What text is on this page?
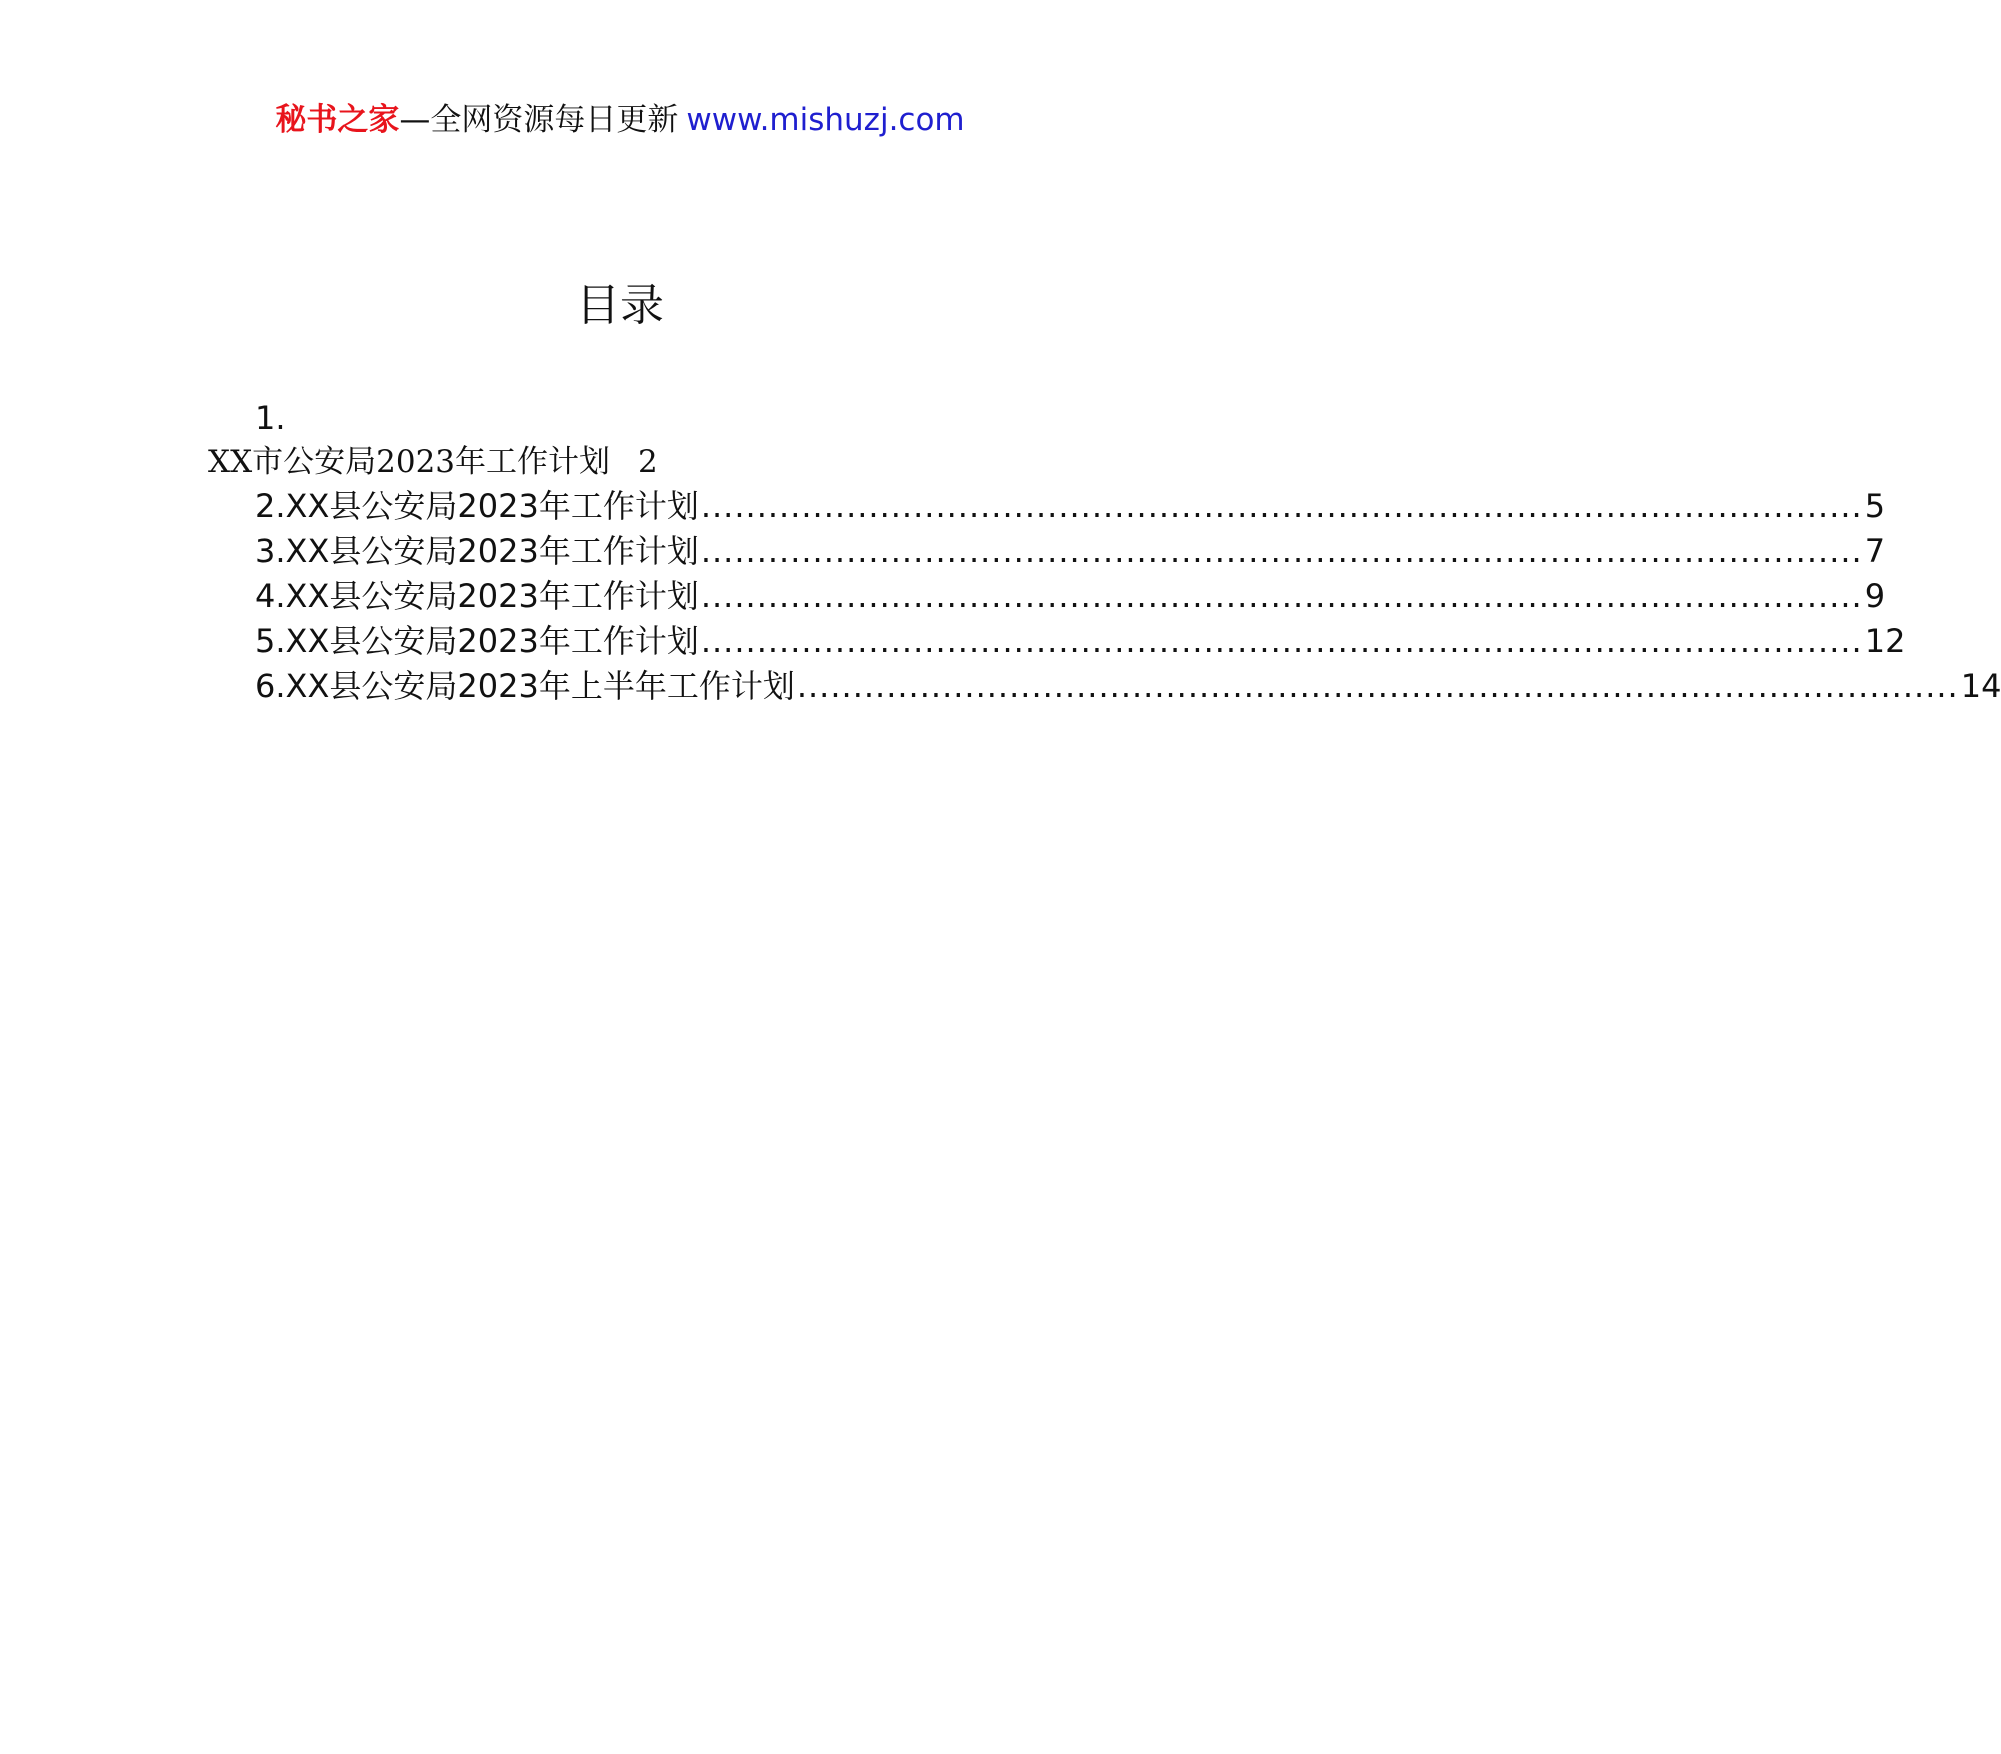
秘书之家—全网资源每日更新 www.mishuzj.com
目录
1.
XX市公安局2023年工作计划 2
2.XX县公安局2023年工作计划 ........................................................................................................ 5
3.XX县公安局2023年工作计划 ........................................................................................................ 7
4.XX县公安局2023年工作计划 ........................................................................................................ 9
5.XX县公安局2023年工作计划 ........................................................................................................ 12
6.XX县公安局2023年上半年工作计划 ........................................................................................................ 14
